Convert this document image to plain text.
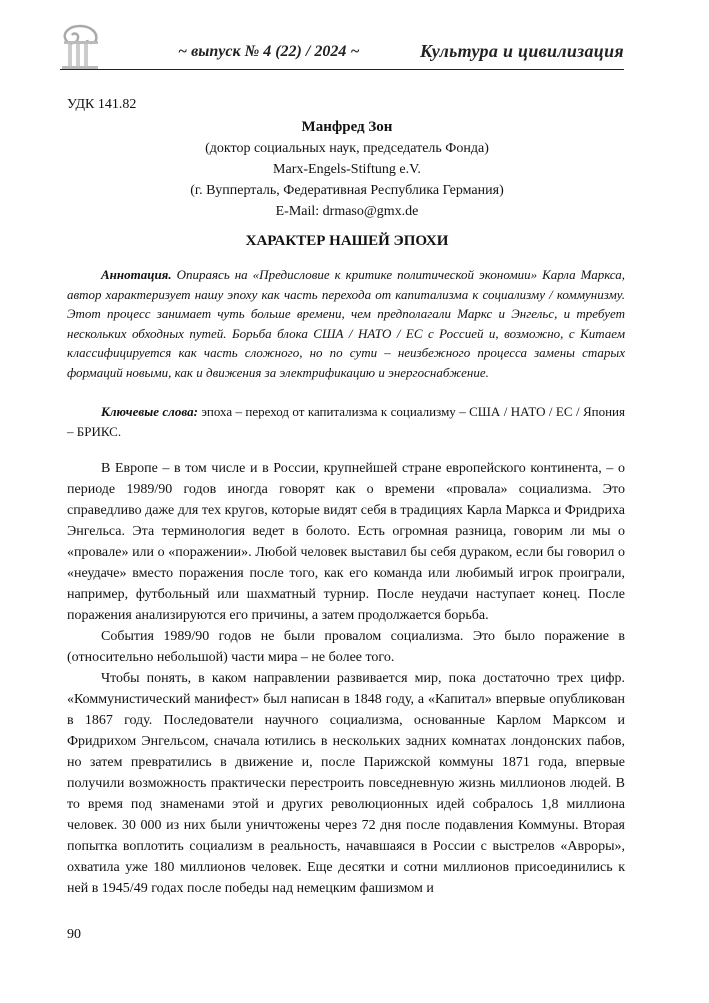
~ выпуск № 4 (22) / 2024 ~	Культура и цивилизация
УДК 141.82
Манфред Зон
(доктор социальных наук, председатель Фонда)
Marx-Engels-Stiftung e.V.
(г. Вупперталь, Федеративная Республика Германия)
E-Mail: drmaso@gmx.de
ХАРАКТЕР НАШЕЙ ЭПОХИ

Аннотация. Опираясь на «Предисловие к критике политической экономии» Карла Маркса, автор характеризует нашу эпоху как часть перехода от капитализма к социализму / коммунизму. Этот процесс занимает чуть больше времени, чем предполагали Маркс и Энгельс, и требует нескольких обходных путей. Борьба блока США / НАТО / ЕС с Россией и, возможно, с Китаем классифицируется как часть сложного, но по сути – неизбежного процесса замены старых формаций новыми, как и движения за электрификацию и энергоснабжение.

Ключевые слова: эпоха – переход от капитализма к социализму – США / НАТО / ЕС / Япония – БРИКС.

В Европе – в том числе и в России, крупнейшей стране европейского континента, – о периоде 1989/90 годов иногда говорят как о времени «провала» социализма. Это справедливо даже для тех кругов, которые видят себя в традициях Карла Маркса и Фридриха Энгельса. Эта терминология ведет в болото. Есть огромная разница, говорим ли мы о «провале» или о «поражении». Любой человек выставил бы себя дураком, если бы говорил о «неудаче» вместо поражения после того, как его команда или любимый игрок проиграли, например, футбольный или шахматный турнир. После неудачи наступает конец. После поражения анализируются его причины, а затем продолжается борьба.

События 1989/90 годов не были провалом социализма. Это было поражение в (относительно небольшой) части мира – не более того.

Чтобы понять, в каком направлении развивается мир, пока достаточно трех цифр. «Коммунистический манифест» был написан в 1848 году, а «Капитал» впервые опубликован в 1867 году. Последователи научного социализма, основанные Карлом Марксом и Фридрихом Энгельсом, сначала ютились в нескольких задних комнатах лондонских пабов, но затем превратились в движение и, после Парижской коммуны 1871 года, впервые получили возможность практически перестроить повседневную жизнь миллионов людей. В то время под знаменами этой и других революционных идей собралось 1,8 миллиона человек. 30 000 из них были уничтожены через 72 дня после подавления Коммуны. Вторая попытка воплотить социализм в реальность, начавшаяся в России с выстрелов «Авроры», охватила уже 180 миллионов человек. Еще десятки и сотни миллионов присоединились к ней в 1945/49 годах после победы над немецким фашизмом и

90
